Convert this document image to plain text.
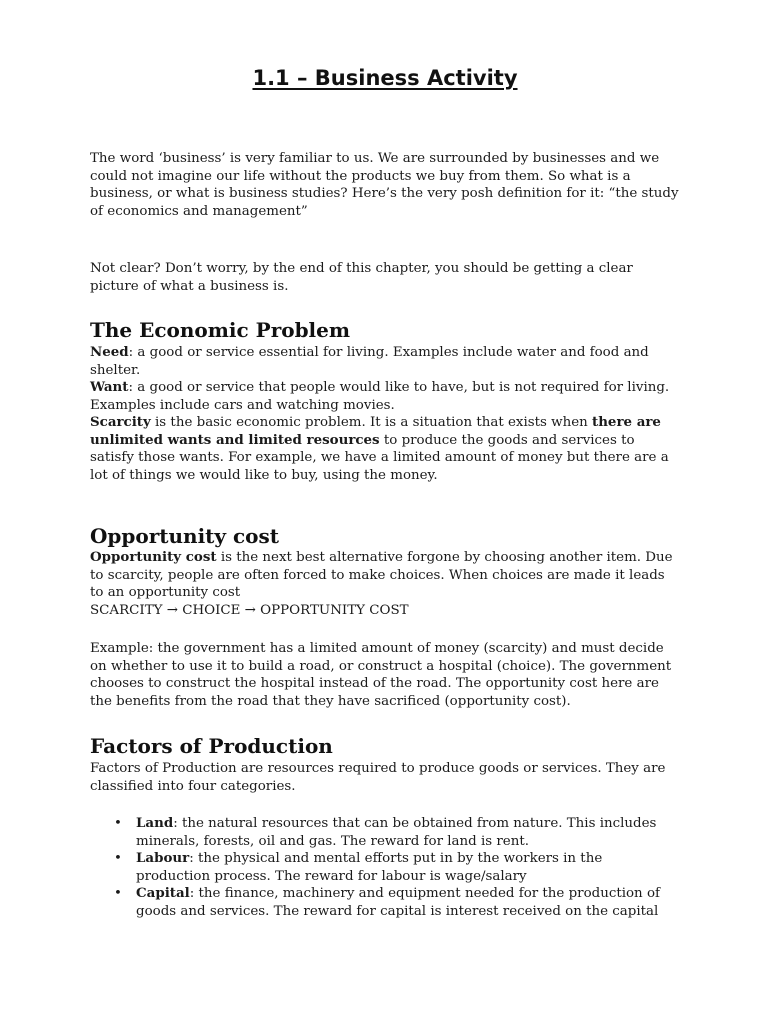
1.1 – Business Activity

The word ‘business’ is very familiar to us. We are surrounded by businesses and we could not imagine our life without the products we buy from them. So what is a business, or what is business studies? Here’s the very posh definition for it: “the study of economics and management”

Not clear? Don’t worry, by the end of this chapter, you should be getting a clear picture of what a business is.

The Economic Problem

Need: a good or service essential for living. Examples include water and food and shelter.

Want: a good or service that people would like to have, but is not required for living. Examples include cars and watching movies.

Scarcity is the basic economic problem. It is a situation that exists when there are unlimited wants and limited resources to produce the goods and services to satisfy those wants. For example, we have a limited amount of money but there are a lot of things we would like to buy, using the money.

Opportunity cost

Opportunity cost is the next best alternative forgone by choosing another item. Due to scarcity, people are often forced to make choices. When choices are made it leads to an opportunity cost

SCARCITY → CHOICE → OPPORTUNITY COST

Example: the government has a limited amount of money (scarcity) and must decide on whether to use it to build a road, or construct a hospital (choice). The government chooses to construct the hospital instead of the road. The opportunity cost here are the benefits from the road that they have sacrificed (opportunity cost).

Factors of Production

Factors of Production are resources required to produce goods or services. They are classified into four categories.

• Land: the natural resources that can be obtained from nature. This includes minerals, forests, oil and gas. The reward for land is rent.
• Labour: the physical and mental efforts put in by the workers in the production process. The reward for labour is wage/salary
• Capital: the finance, machinery and equipment needed for the production of goods and services. The reward for capital is interest received on the capital
